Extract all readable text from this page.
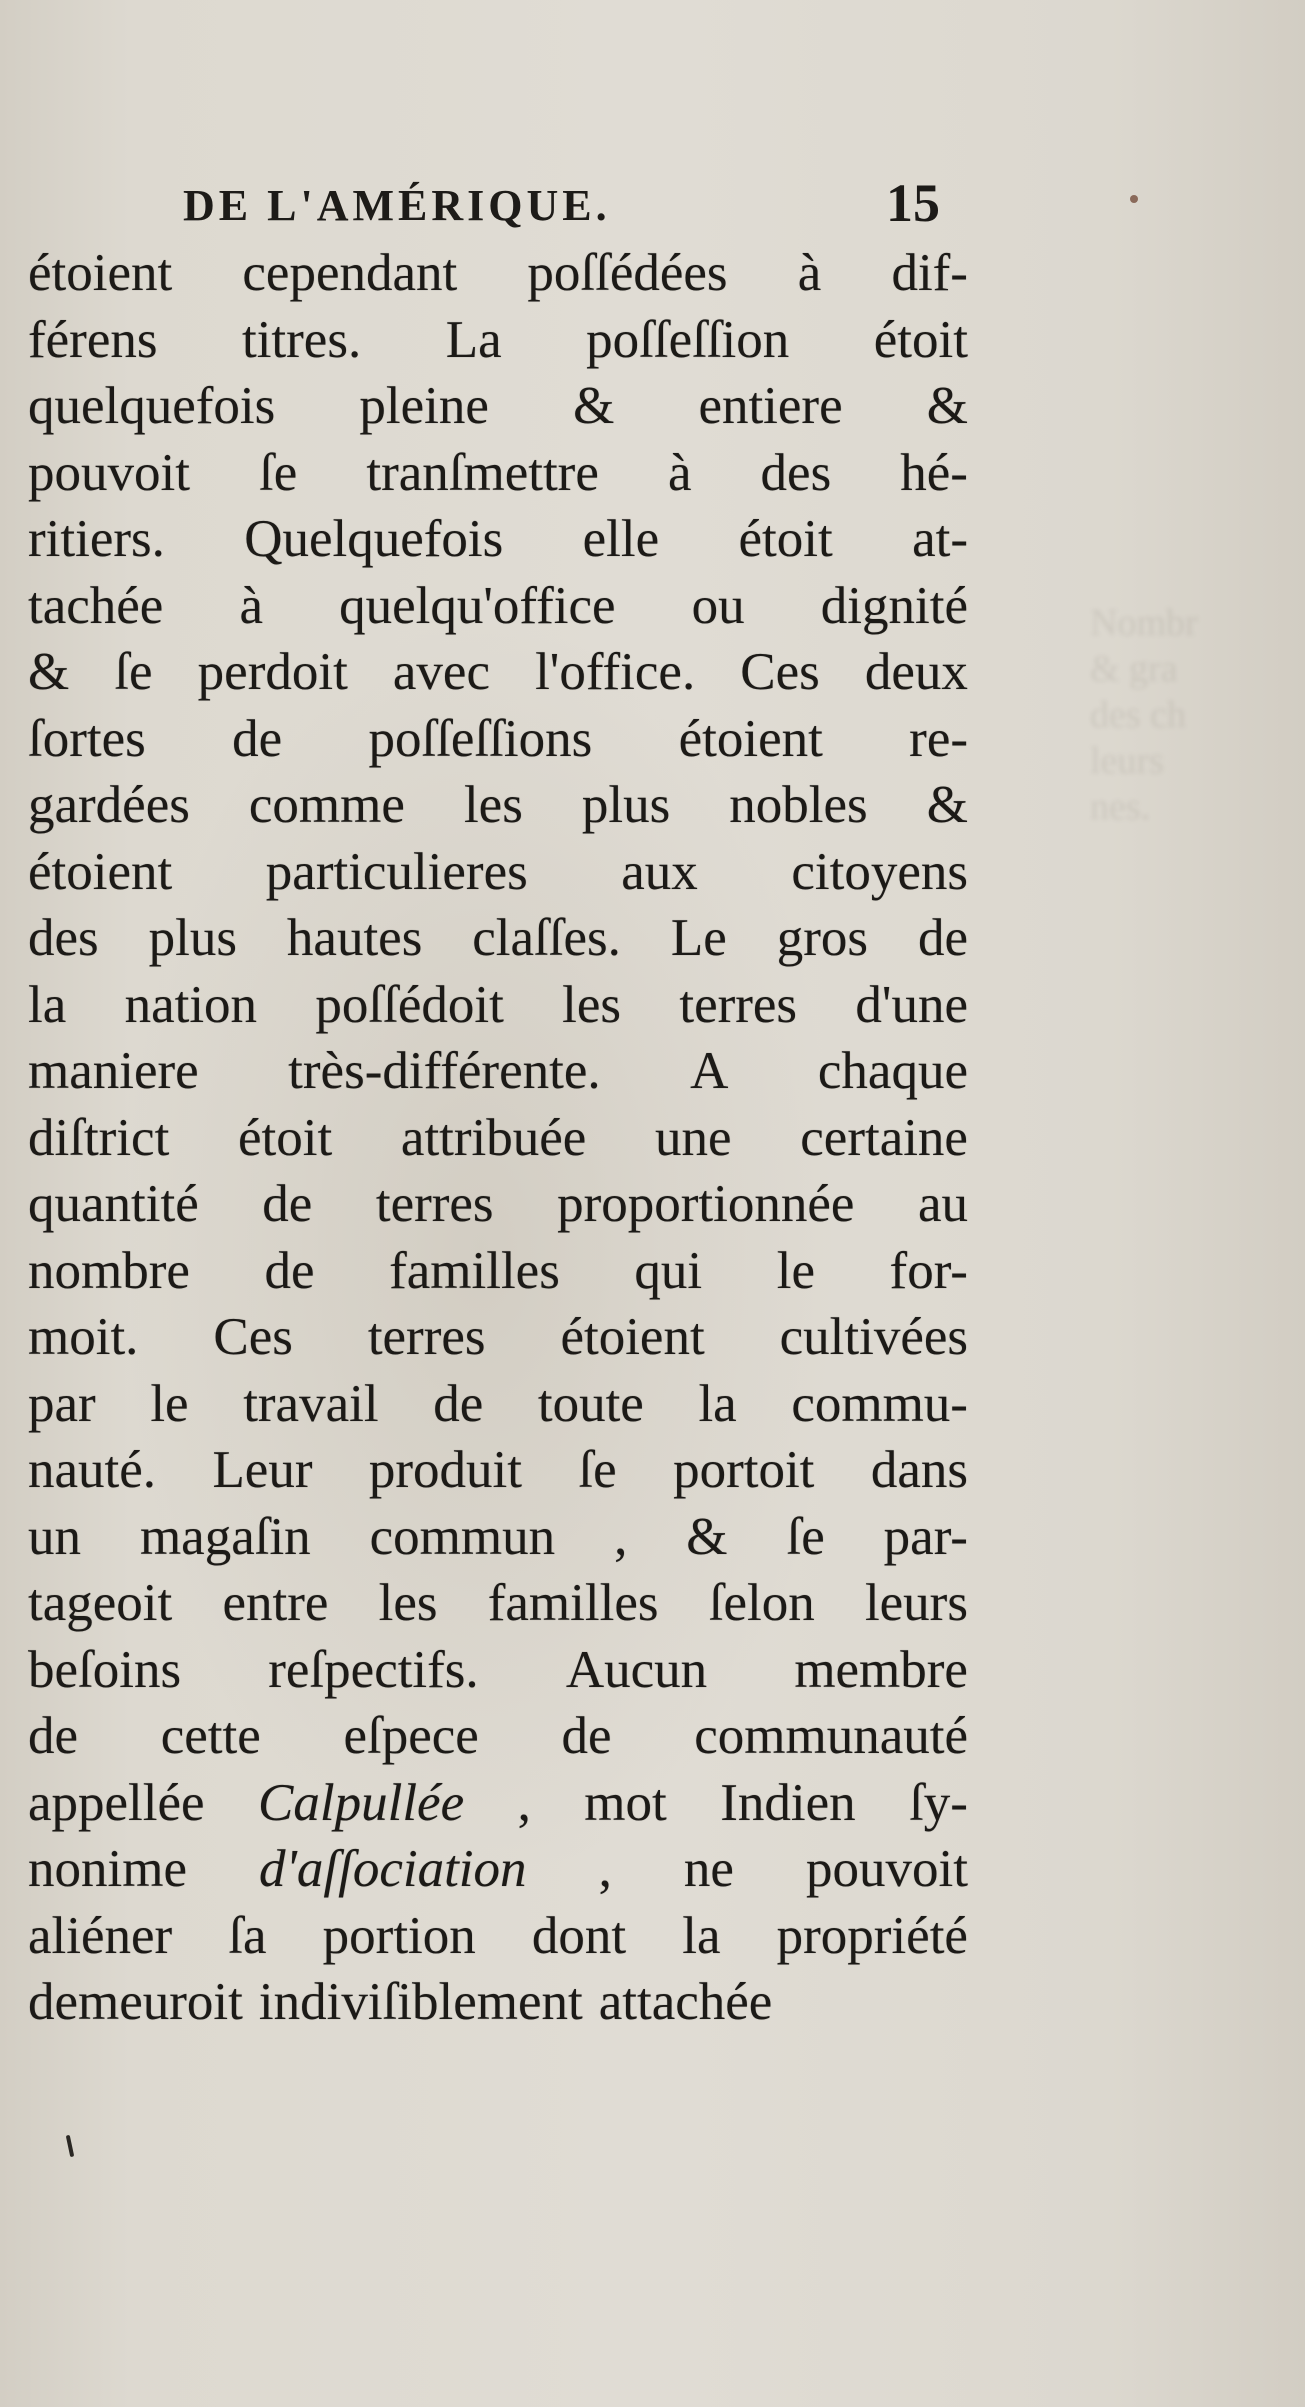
Nombr
& gra
des ch
leurs
nes.
DE L'AMÉRIQUE.	15
étoient cependant poſſédées à dif-
férens titres. La poſſeſſion étoit
quelquefois pleine & entiere &
pouvoit ſe tranſmettre à des hé-
ritiers. Quelquefois elle étoit at-
tachée à quelqu'office ou dignité
& ſe perdoit avec l'office. Ces deux
ſortes de poſſeſſions étoient re-
gardées comme les plus nobles &
étoient particulieres aux citoyens
des plus hautes claſſes. Le gros de
la nation poſſédoit les terres d'une
maniere très-différente. A chaque
diſtrict étoit attribuée une certaine
quantité de terres proportionnée au
nombre de familles qui le for-
moit. Ces terres étoient cultivées
par le travail de toute la commu-
nauté. Leur produit ſe portoit dans
un magaſin commun , & ſe par-
tageoit entre les familles ſelon leurs
beſoins reſpectifs. Aucun membre
de cette eſpece de communauté
appellée Calpullée , mot Indien ſy-
nonime d'aſſociation , ne pouvoit
aliéner ſa portion dont la propriété
demeuroit indiviſiblement attachée
